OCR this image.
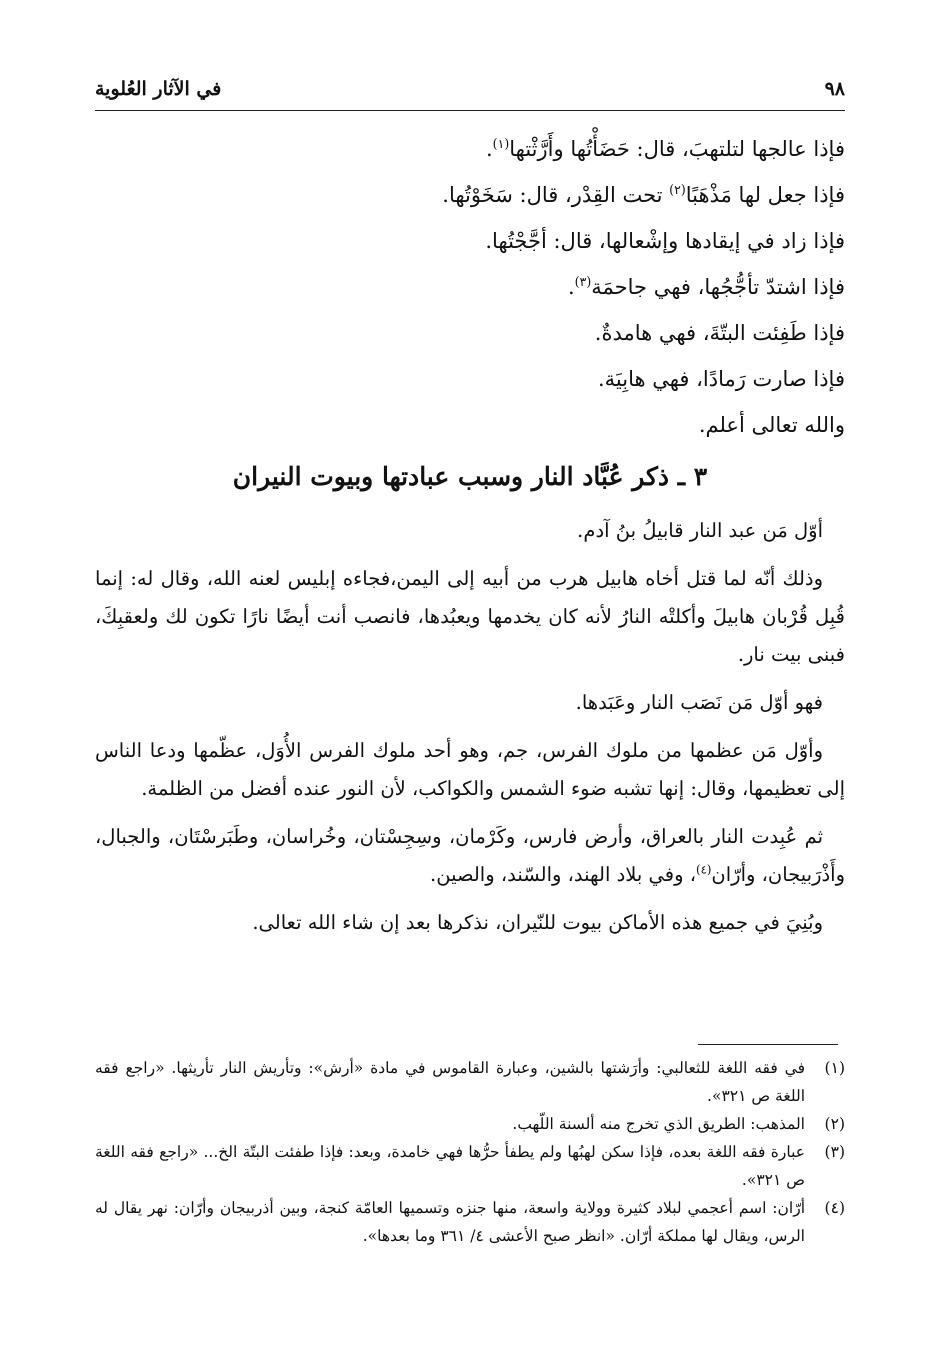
٩٨
في الآثار العُلوية
فإذا عالجها لتلتهبَ، قال: حَضَأْتُها وأَرَّثْتها$^{(١)}$.
فإذا جعل لها مَذْهَبًا$^{(٢)}$ تحت القِدْر، قال: سَخَوْتُها.
فإذا زاد في إيقادها وإشْعالها، قال: أجَّجْتُها.
فإذا اشتدّ تأجُّجُها، فهي جاحمَة$^{(٣)}$.
فإذا طَفِئت البتّةَ، فهي هامدةٌ.
فإذا صارت رَمادًا، فهي هابِيَة.
والله تعالى أعلم.
٣ ـ ذكر عُبَّاد النار وسبب عبادتها وبيوت النيران

أوّل مَن عبد النار قابيلُ بنُ آدم.

وذلك أنّه لما قتل أخاه هابيل هرب من أبيه إلى اليمن،فجاءه إبليس لعنه الله، وقال له: إنما قُبِل قُرْبان هابيلَ وأكلتْه النارُ لأنه كان يخدمها ويعبُدها، فانصب أنت أيضًا نارًا تكون لك ولعقبِكَ، فبنى بيت نار.

فهو أوّل مَن نَصَب النار وعَبَدها.

وأوّل مَن عظمها من ملوك الفرس، جم، وهو أحد ملوك الفرس الأُوَل، عظّمها ودعا الناس إلى تعظيمها، وقال: إنها تشبه ضوء الشمس والكواكب، لأن النور عنده أفضل من الظلمة.

ثم عُبِدت النار بالعراق، وأرض فارس، وكَرْمان، وسِجِسْتان، وخُراسان، وطَبَرسْتَان، والجبال، وأَذْرَبيجان، وأرّان$^{(٤)}$، وفي بلاد الهند، والسّند، والصين.

وبُنِيَ في جميع هذه الأماكن بيوت للنّيران، نذكرها بعد إن شاء الله تعالى.

(١)
في فقه اللغة للثعالبي: وأرَشتها بالشين، وعبارة القاموس في مادة «أرش»: وتأريش النار تأريثها. «راجع فقه اللغة ص ٣٢١».
(٢)
المذهب: الطريق الذي تخرج منه ألسنة اللّهب.
(٣)
عبارة فقه اللغة بعده، فإذا سكن لهبُها ولم يطفأ حرُّها فهي خامدة، وبعد: فإذا طفئت البتّة الخ... «راجع فقه اللغة ص ٣٢١».
(٤)
أرّان: اسم أعجمي لبلاد كثيرة وولاية واسعة، منها جنزه وتسميها العامّة كنجة، وبين أذربيجان وأرّان: نهر يقال له الرس، ويقال لها مملكة أرّان. «انظر صبح الأعشى ٤/ ٣٦١ وما بعدها».
